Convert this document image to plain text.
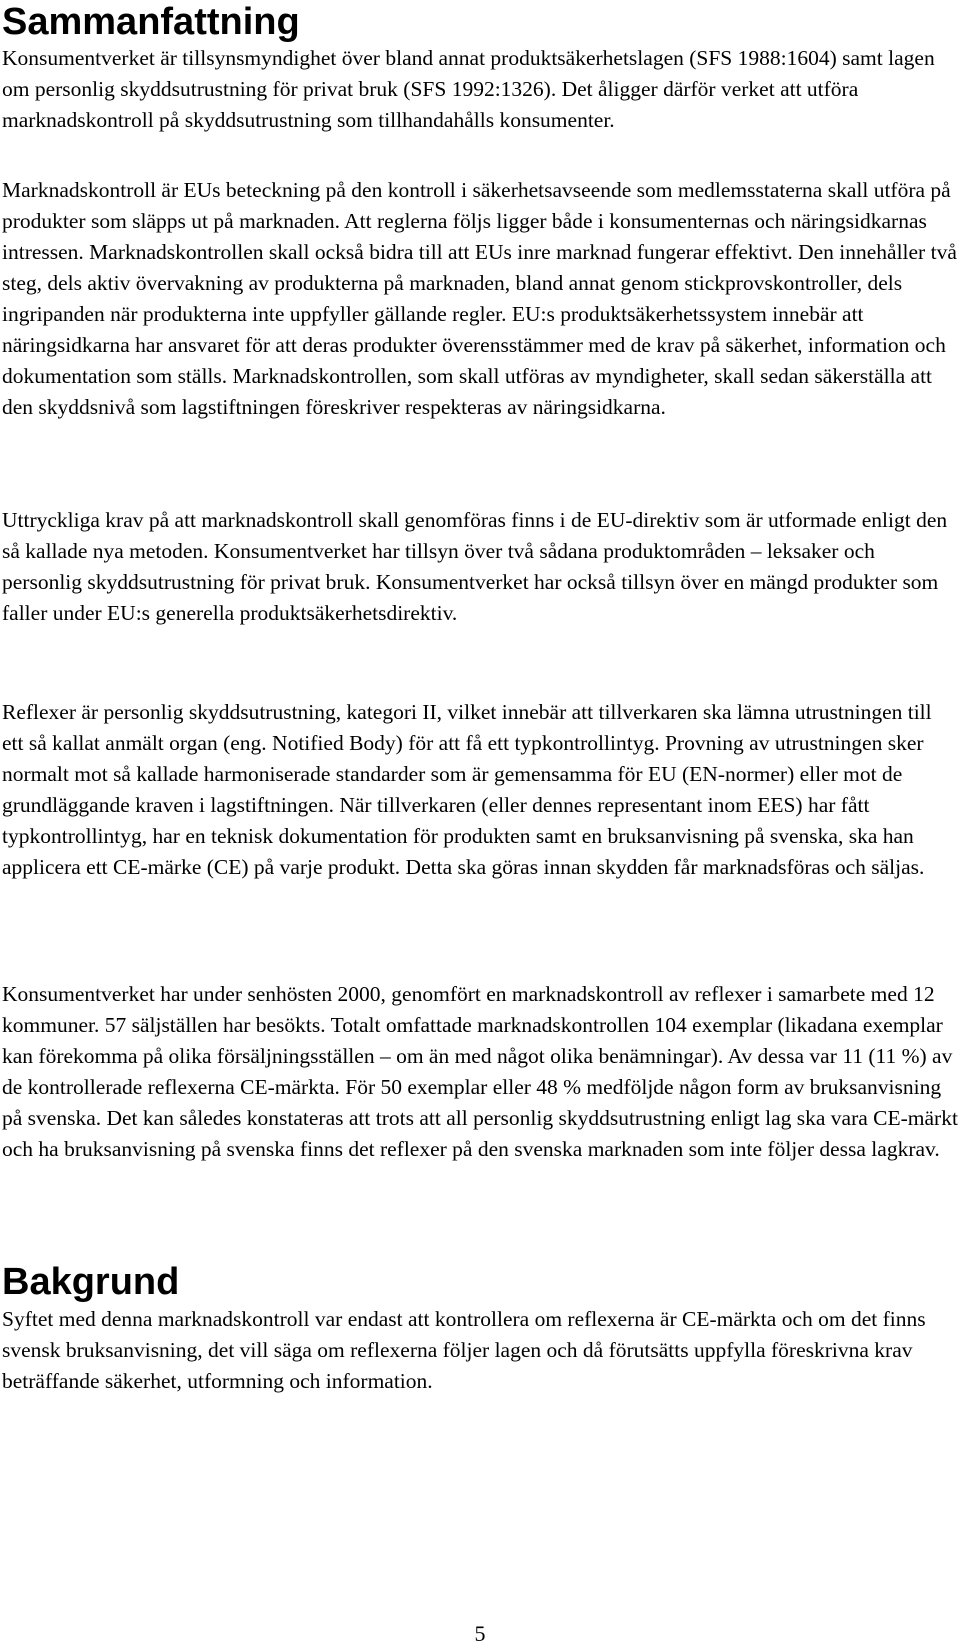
Sammanfattning

Konsumentverket är tillsynsmyndighet över bland annat produktsäkerhetslagen (SFS 1988:1604) samt lagen om personlig skyddsutrustning för privat bruk (SFS 1992:1326). Det åligger därför verket att utföra marknadskontroll på skyddsutrustning som tillhandahålls konsumenter.

Marknadskontroll är EUs beteckning på den kontroll i säkerhetsavseende som medlemsstaterna skall utföra på produkter som släpps ut på marknaden. Att reglerna följs ligger både i konsumenternas och näringsidkarnas intressen. Marknadskontrollen skall också bidra till att EUs inre marknad fungerar effektivt. Den innehåller två steg, dels aktiv övervakning av produkterna på marknaden, bland annat genom stickprovskontroller, dels ingripanden när produkterna inte uppfyller gällande regler. EU:s produktsäkerhetssystem innebär att näringsidkarna har ansvaret för att deras produkter överensstämmer med de krav på säkerhet, information och dokumentation som ställs. Marknadskontrollen, som skall utföras av myndigheter, skall sedan säkerställa att den skyddsnivå som lagstiftningen föreskriver respekteras av näringsidkarna.

Uttryckliga krav på att marknadskontroll skall genomföras finns i de EU-direktiv som är utformade enligt den så kallade nya metoden. Konsumentverket har tillsyn över två sådana produktområden – leksaker och personlig skyddsutrustning för privat bruk. Konsumentverket har också tillsyn över en mängd produkter som faller under EU:s generella produktsäkerhetsdirektiv.

Reflexer är personlig skyddsutrustning, kategori II, vilket innebär att tillverkaren ska lämna utrustningen till ett så kallat anmält organ (eng. Notified Body) för att få ett typkontrollintyg. Provning av utrustningen sker normalt mot så kallade harmoniserade standarder som är gemensamma för EU (EN-normer) eller mot de grundläggande kraven i lagstiftningen. När tillverkaren (eller dennes representant inom EES) har fått typkontrollintyg, har en teknisk dokumentation för produkten samt en bruksanvisning på svenska, ska han applicera ett CE-märke (CE) på varje produkt. Detta ska göras innan skydden får marknadsföras och säljas.

Konsumentverket har under senhösten 2000, genomfört en marknadskontroll av reflexer i samarbete med 12 kommuner. 57 säljställen har besökts. Totalt omfattade marknadskontrollen 104 exemplar (likadana exemplar kan förekomma på olika försäljningsställen – om än med något olika benämningar). Av dessa var 11 (11 %) av de kontrollerade reflexerna CE-märkta. För 50 exemplar eller 48 % medföljde någon form av bruksanvisning på svenska. Det kan således konstateras att trots att all personlig skyddsutrustning enligt lag ska vara CE-märkt och ha bruksanvisning på svenska finns det reflexer på den svenska marknaden som inte följer dessa lagkrav.

Bakgrund

Syftet med denna marknadskontroll var endast att kontrollera om reflexerna är CE-märkta och om det finns svensk bruksanvisning, det vill säga om reflexerna följer lagen och då förutsätts uppfylla föreskrivna krav beträffande säkerhet, utformning och information.

5
